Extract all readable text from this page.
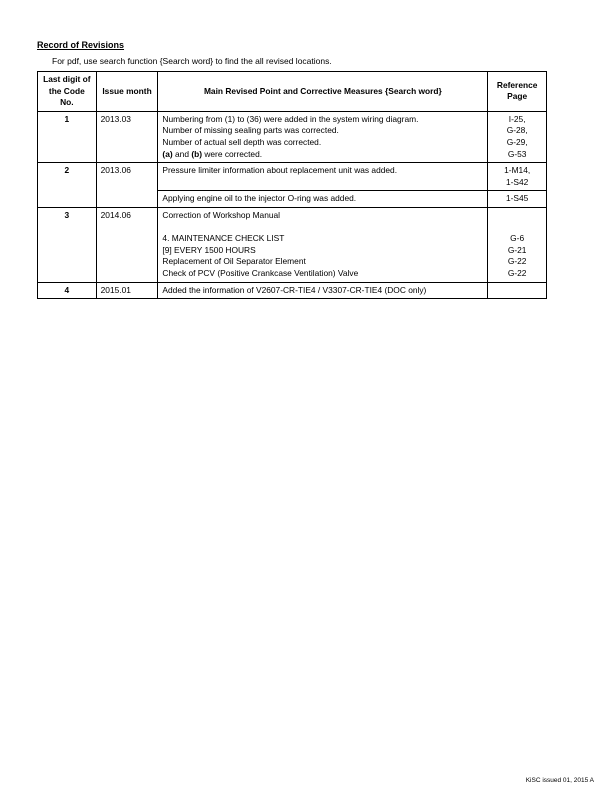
Record of Revisions
For pdf, use search function {Search word} to find the all revised locations.
Last digit of the Code No.	Issue month	Main Revised Point and Corrective Measures {Search word}	Reference Page
1	2013.03	Numbering from (1) to (36) were added in the system wiring diagram.
Number of missing sealing parts was corrected.
Number of actual sell depth was corrected.
(a) and (b) were corrected.	I-25,
G-28,
G-29,
G-53

2	2013.06	Pressure limiter information about replacement unit was added.	1-M14,
1-S42

		Applying engine oil to the injector O-ring was added.	1-S45
3	2014.06	Correction of Workshop Manual
4. MAINTENANCE CHECK LIST
[9] EVERY 1500 HOURS
Replacement of Oil Separator Element
Check of PCV (Positive Crankcase Ventilation) Valve	G-6
G-21
G-22
G-22

4	2015.01	Added the information of V2607-CR-TIE4 / V3307-CR-TIE4 (DOC only)	
KiSC issued 01, 2015 A
